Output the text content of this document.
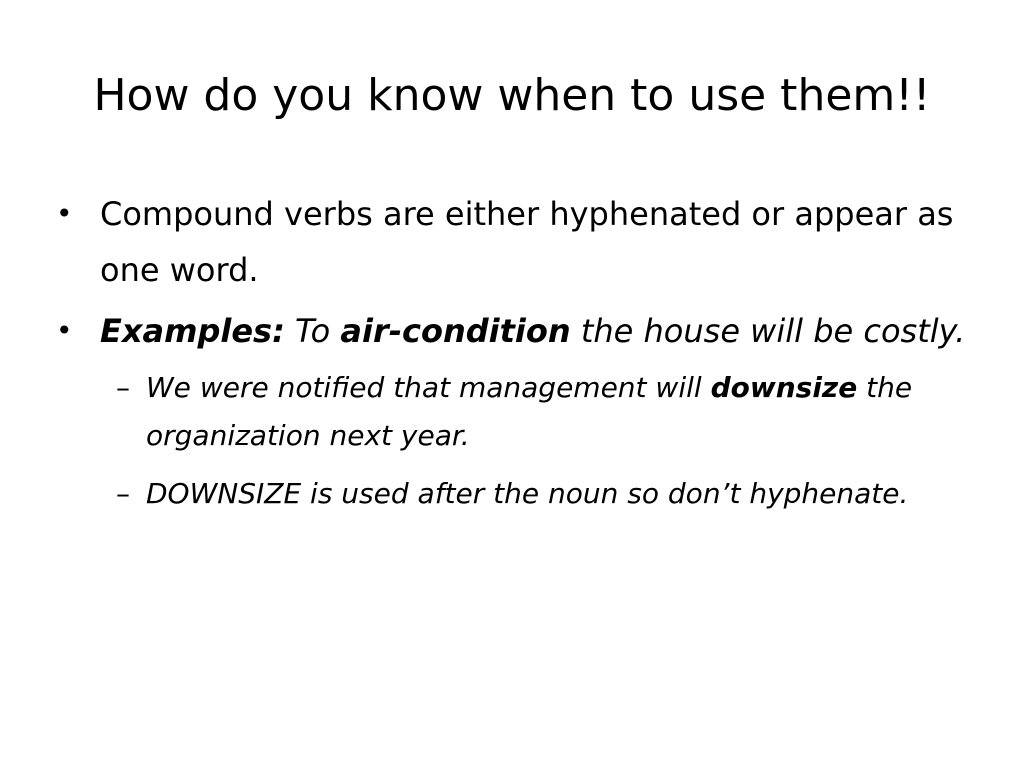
How do you know when to use them!!
• Compound verbs are either hyphenated or appear as one word.
• Examples: To air-condition the house will be costly.
– We were notified that management will downsize the organization next year.
– DOWNSIZE is used after the noun so don’t hyphenate.
